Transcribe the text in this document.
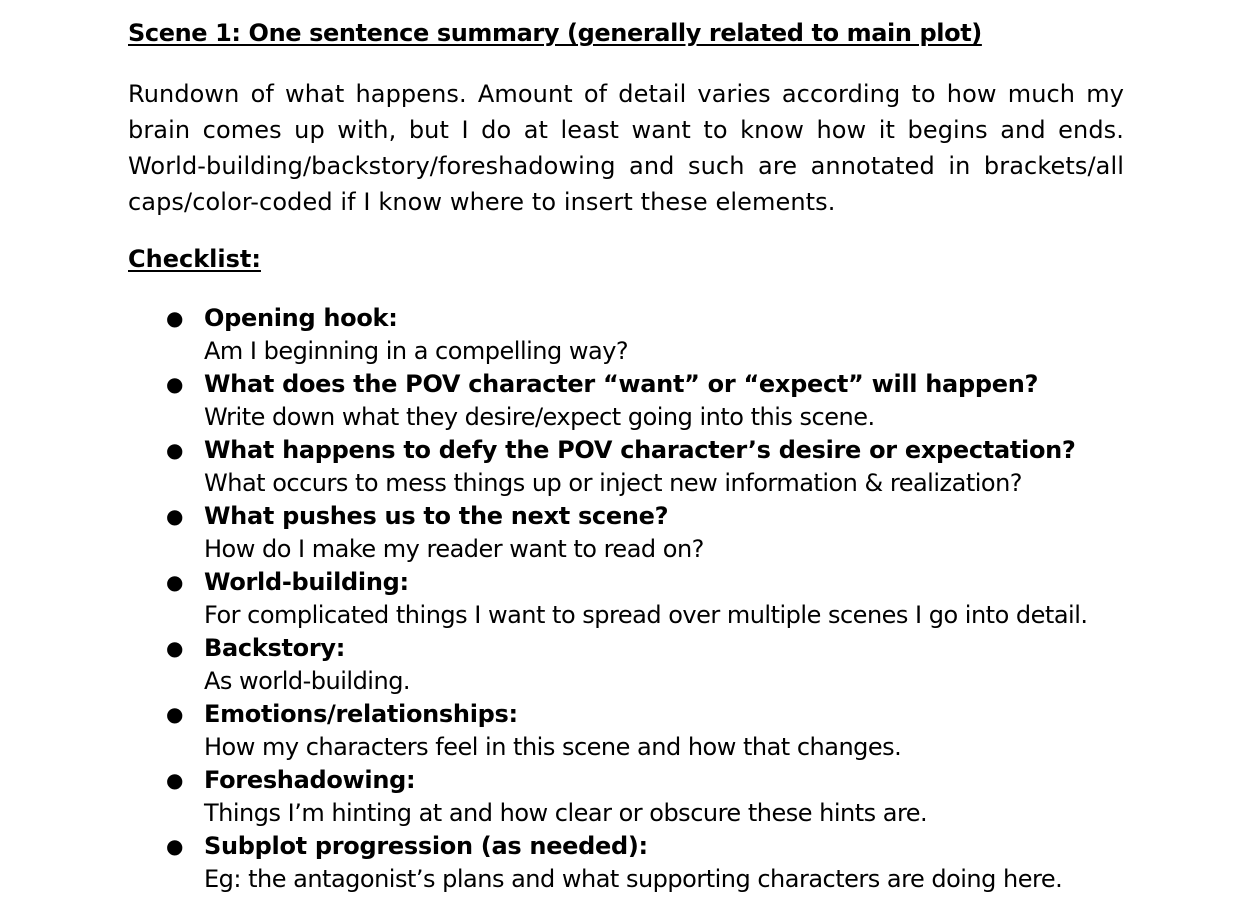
Scene 1: One sentence summary (generally related to main plot)

Rundown of what happens. Amount of detail varies according to how much my brain comes up with, but I do at least want to know how it begins and ends. World-building/backstory/foreshadowing and such are annotated in brackets/all caps/color-coded if I know where to insert these elements.

Checklist:
● Opening hook:
Am I beginning in a compelling way?
● What does the POV character “want” or “expect” will happen?
Write down what they desire/expect going into this scene.
● What happens to defy the POV character’s desire or expectation?
What occurs to mess things up or inject new information & realization?
● What pushes us to the next scene?
How do I make my reader want to read on?
● World-building:
For complicated things I want to spread over multiple scenes I go into detail.
● Backstory:
As world-building.
● Emotions/relationships:
How my characters feel in this scene and how that changes.
● Foreshadowing:
Things I’m hinting at and how clear or obscure these hints are.
● Subplot progression (as needed):
Eg: the antagonist’s plans and what supporting characters are doing here.
